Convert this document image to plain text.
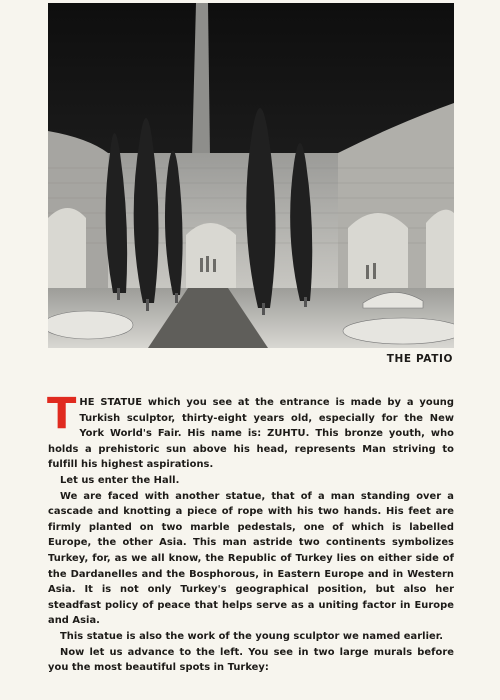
THE PATIO

THE STATUE which you see at the entrance is made by a young Turkish sculptor, thirty-eight years old, especially for the New York World's Fair. His name is: ZUHTU. This bronze youth, who holds a prehistoric sun above his head, represents Man striving to fulfill his highest aspirations.

Let us enter the Hall.

We are faced with another statue, that of a man standing over a cascade and knotting a piece of rope with his two hands. His feet are firmly planted on two marble pedestals, one of which is labelled Europe, the other Asia. This man astride two continents symbolizes Turkey, for, as we all know, the Republic of Turkey lies on either side of the Dardanelles and the Bosphorous, in Eastern Europe and in Western Asia. It is not only Turkey's geographical position, but also her steadfast policy of peace that helps serve as a uniting factor in Europe and Asia.

This statue is also the work of the young sculptor we named earlier.

Now let us advance to the left. You see in two large murals before you the most beautiful spots in Turkey:
